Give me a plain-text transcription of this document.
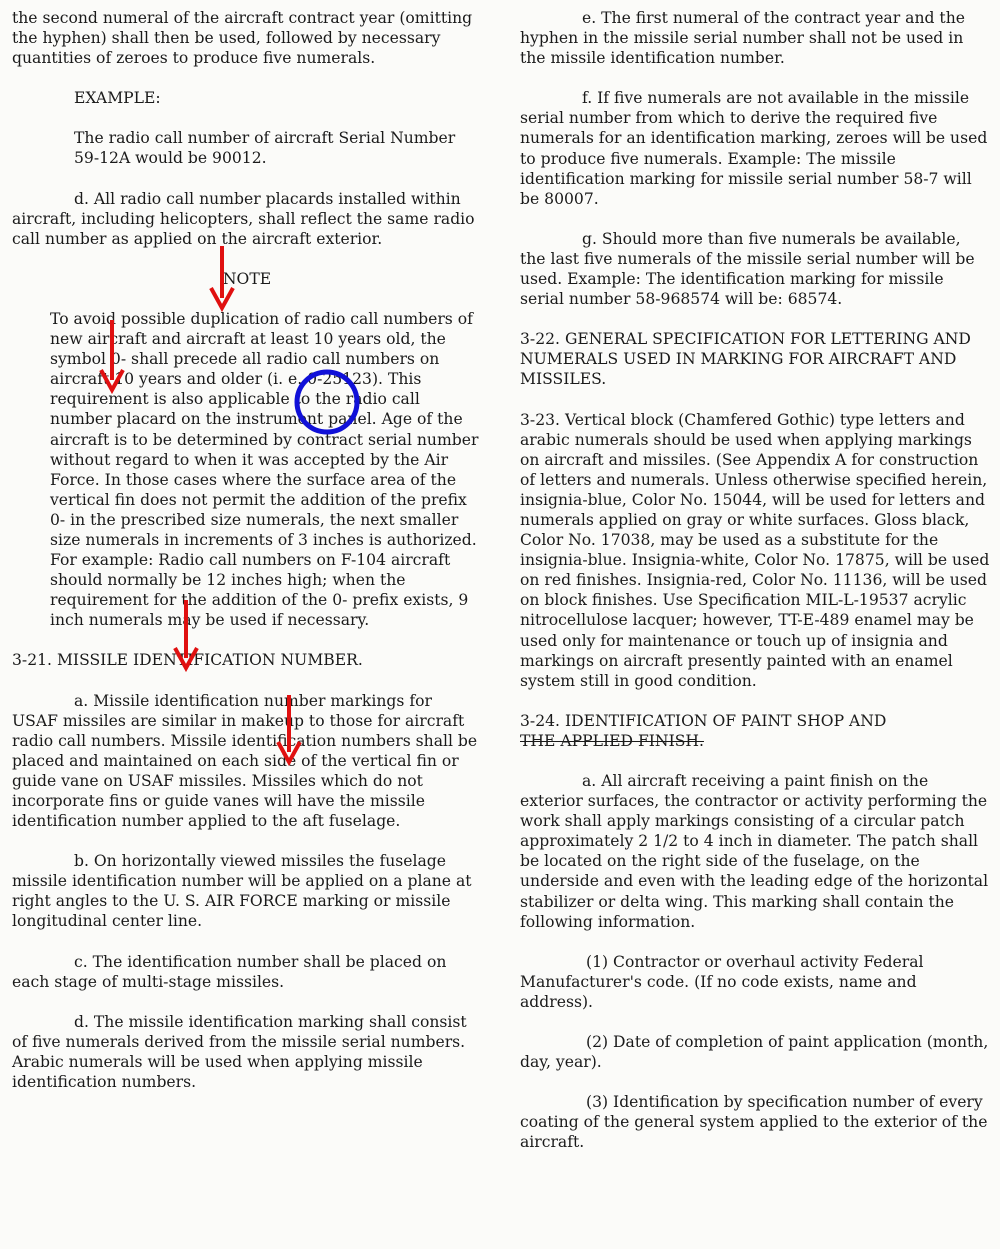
the second numeral of the aircraft contract year (omitting the hyphen) shall then be used, followed by necessary quantities of zeroes to produce five numerals.

EXAMPLE:

The radio call number of aircraft Serial Number 59-12A would be 90012.

d. All radio call number placards installed within aircraft, including helicopters, shall reflect the same radio call number as applied on the aircraft exterior.

NOTE

To avoid possible duplication of radio call numbers of new aircraft and aircraft at least 10 years old, the symbol 0- shall precede all radio call numbers on aircraft 10 years and older (i. e. 0-25123). This requirement is also applicable to the radio call number placard on the instrument panel. Age of the aircraft is to be determined by contract serial number without regard to when it was accepted by the Air Force. In those cases where the surface area of the vertical fin does not permit the addition of the prefix 0- in the prescribed size numerals, the next smaller size numerals in increments of 3 inches is authorized. For example: Radio call numbers on F-104 aircraft should normally be 12 inches high; when the requirement for the addition of the 0- prefix exists, 9 inch numerals may be used if necessary.

3-21. MISSILE IDENTIFICATION NUMBER.

a. Missile identification number markings for USAF missiles are similar in makeup to those for aircraft radio call numbers. Missile identification numbers shall be placed and maintained on each side of the vertical fin or guide vane on USAF missiles. Missiles which do not incorporate fins or guide vanes will have the missile identification number applied to the aft fuselage.

b. On horizontally viewed missiles the fuselage missile identification number will be applied on a plane at right angles to the U. S. AIR FORCE marking or missile longitudinal center line.

c. The identification number shall be placed on each stage of multi-stage missiles.

d. The missile identification marking shall consist of five numerals derived from the missile serial numbers. Arabic numerals will be used when applying missile identification numbers.

e. The first numeral of the contract year and the hyphen in the missile serial number shall not be used in the missile identification number.

f. If five numerals are not available in the missile serial number from which to derive the required five numerals for an identification marking, zeroes will be used to produce five numerals. Example: The missile identification marking for missile serial number 58-7 will be 80007.

g. Should more than five numerals be available, the last five numerals of the missile serial number will be used. Example: The identification marking for missile serial number 58-968574 will be: 68574.

3-22. GENERAL SPECIFICATION FOR LETTERING AND NUMERALS USED IN MARKING FOR AIRCRAFT AND MISSILES.

3-23. Vertical block (Chamfered Gothic) type letters and arabic numerals should be used when applying markings on aircraft and missiles. (See Appendix A for construction of letters and numerals. Unless otherwise specified herein, insignia-blue, Color No. 15044, will be used for letters and numerals applied on gray or white surfaces. Gloss black, Color No. 17038, may be used as a substitute for the insignia-blue. Insignia-white, Color No. 17875, will be used on red finishes. Insignia-red, Color No. 11136, will be used on block finishes. Use Specification MIL-L-19537 acrylic nitrocellulose lacquer; however, TT-E-489 enamel may be used only for maintenance or touch up of insignia and markings on aircraft presently painted with an enamel system still in good condition.

3-24. IDENTIFICATION OF PAINT SHOP AND
THE APPLIED FINISH.

a. All aircraft receiving a paint finish on the exterior surfaces, the contractor or activity performing the work shall apply markings consisting of a circular patch approximately 2 1/2 to 4 inch in diameter. The patch shall be located on the right side of the fuselage, on the underside and even with the leading edge of the horizontal stabilizer or delta wing. This marking shall contain the following information.

(1) Contractor or overhaul activity Federal Manufacturer's code. (If no code exists, name and address).

(2) Date of completion of paint application (month, day, year).

(3) Identification by specification number of every coating of the general system applied to the exterior of the aircraft.
